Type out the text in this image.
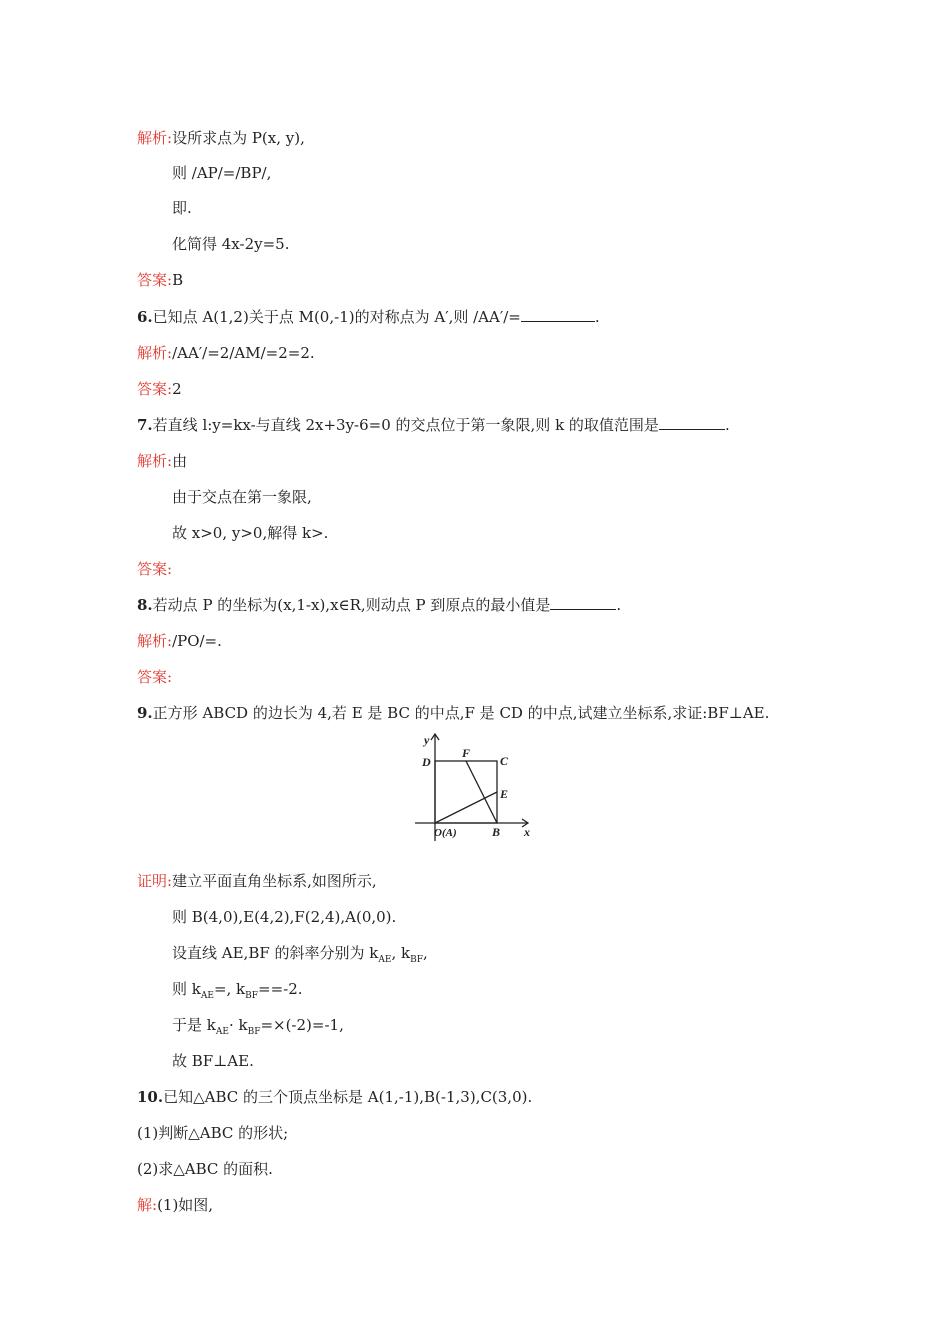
解析:设所求点为 P(x, y),
则 /AP/=/BP/,
即.
化简得 4x-2y=5.
答案:B
6.已知点 A(1,2)关于点 M(0,-1)的对称点为 A′,则 /AA′/=	.
解析:/AA′/=2/AM/=2=2.
答案:2
7.若直线 l:y=kx-与直线 2x+3y-6=0 的交点位于第一象限,则 k 的取值范围是	.
解析:由
由于交点在第一象限,
故 x>0, y>0,解得 k>.
答案:
8.若动点 P 的坐标为(x,1-x),x∈R,则动点 P 到原点的最小值是	.
解析:/PO/=.
答案:
9.正方形 ABCD 的边长为 4,若 E 是 BC 的中点,F 是 CD 的中点,试建立坐标系,求证:BF⊥AE.
y
x
D	C
F
E
B
O(A)
证明:建立平面直角坐标系,如图所示,
则 B(4,0),E(4,2),F(2,4),A(0,0).
设直线 AE,BF 的斜率分别为 $k_{AE}$, $k_{BF}$,
则 $k_{AE}=$, $k_{BF}==-2$.
于是 $k_{AE}\cdot k_{BF}=\times(-2)=-1$,
故 BF⊥AE.
10.已知△ABC 的三个顶点坐标是 A(1,-1),B(-1,3),C(3,0).
(1)判断△ABC 的形状;
(2)求△ABC 的面积.
解:(1)如图,
